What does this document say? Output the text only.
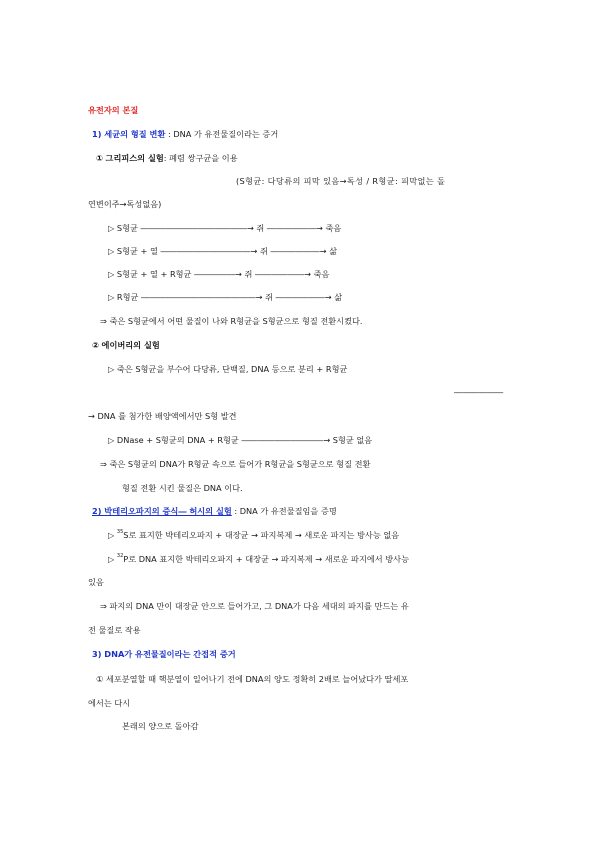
유전자의 본질
1) 세균의 형질 변환 : DNA 가 유전물질이라는 증거
① 그리피스의 실험: 폐렴 쌍구균을 이용
(S형균: 다당류의 피막 있음→독성 / R형균: 피막없는 돌
연변이주→독성없음)
▷ S형균 ―――――――――――――→ 쥐 ――――――→ 죽음
▷ S형균 + 열 ―――――――――――→ 쥐 ――――――→ 삶
▷ S형균 + 열 + R형균 ―――――→ 쥐 ――――――→ 죽음
▷ R형균 ――――――――――――――→ 쥐 ――――――→ 삶
⇒ 죽은 S형균에서 어떤 물질이 나와 R형균을 S형균으로 형질 전환시켰다.
② 에이버리의 실험
▷ 죽은 S형균을 부수어 다당류, 단백질, DNA 등으로 분리 + R형균
――――――
→ DNA 를 첨가한 배양액에서만 S형 발견
▷ DNase + S형균의 DNA + R형균 ――――――――――→ S형균 없음
⇒ 죽은 S형균의 DNA가 R형균 속으로 들어가 R형균을 S형균으로 형질 전환
형질 전환 시킨 물질은 DNA 이다.
2) 박테리오파지의 증식― 허시의 실험 : DNA 가 유전물질임을 증명
▷ $^{35}$S로 표지한 박테리오파지 + 대장균 → 파지복제 → 새로운 파지는 방사능 없음
▷ $^{32}$P로 DNA 표지한 박테리오파지 + 대장균 → 파지복제 → 새로운 파지에서 방사능
있음
⇒ 파지의 DNA 만이 대장균 안으로 들어가고, 그 DNA가 다음 세대의 파지를 만드는 유
전 물질로 작용
3) DNA가 유전물질이라는 간접적 증거
① 세포분열할 때 핵분열이 일어나기 전에 DNA의 양도 정확히 2배로 늘어났다가 딸세포
에서는 다시
본래의 양으로 돌아감
